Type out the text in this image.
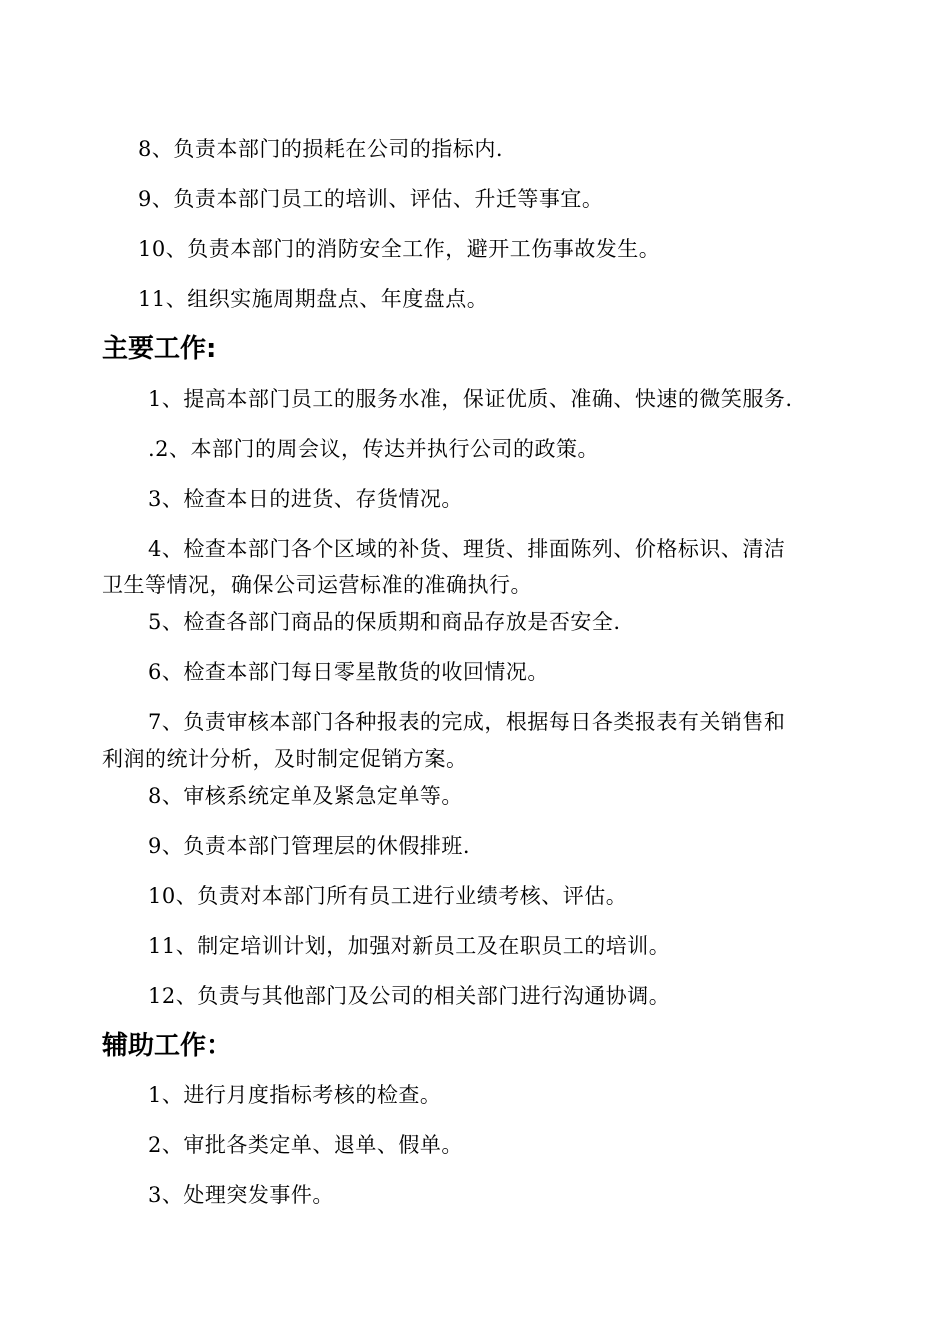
8、负责本部门的损耗在公司的指标内.
9、负责本部门员工的培训、评估、升迁等事宜。
10、负责本部门的消防安全工作，避开工伤事故发生。
11、组织实施周期盘点、年度盘点。
主要工作:
1、提高本部门员工的服务水准，保证优质、准确、快速的微笑服务.
.2、本部门的周会议，传达并执行公司的政策。
3、检查本日的进货、存货情况。
4、检查本部门各个区域的补货、理货、排面陈列、价格标识、清洁
卫生等情况，确保公司运营标准的准确执行。
5、检查各部门商品的保质期和商品存放是否安全.
6、检查本部门每日零星散货的收回情况。
7、负责审核本部门各种报表的完成，根据每日各类报表有关销售和
利润的统计分析，及时制定促销方案。
8、审核系统定单及紧急定单等。
9、负责本部门管理层的休假排班.
10、负责对本部门所有员工进行业绩考核、评估。
11、制定培训计划，加强对新员工及在职员工的培训。
12、负责与其他部门及公司的相关部门进行沟通协调。
辅助工作：
1、进行月度指标考核的检查。
2、审批各类定单、退单、假单。
3、处理突发事件。
